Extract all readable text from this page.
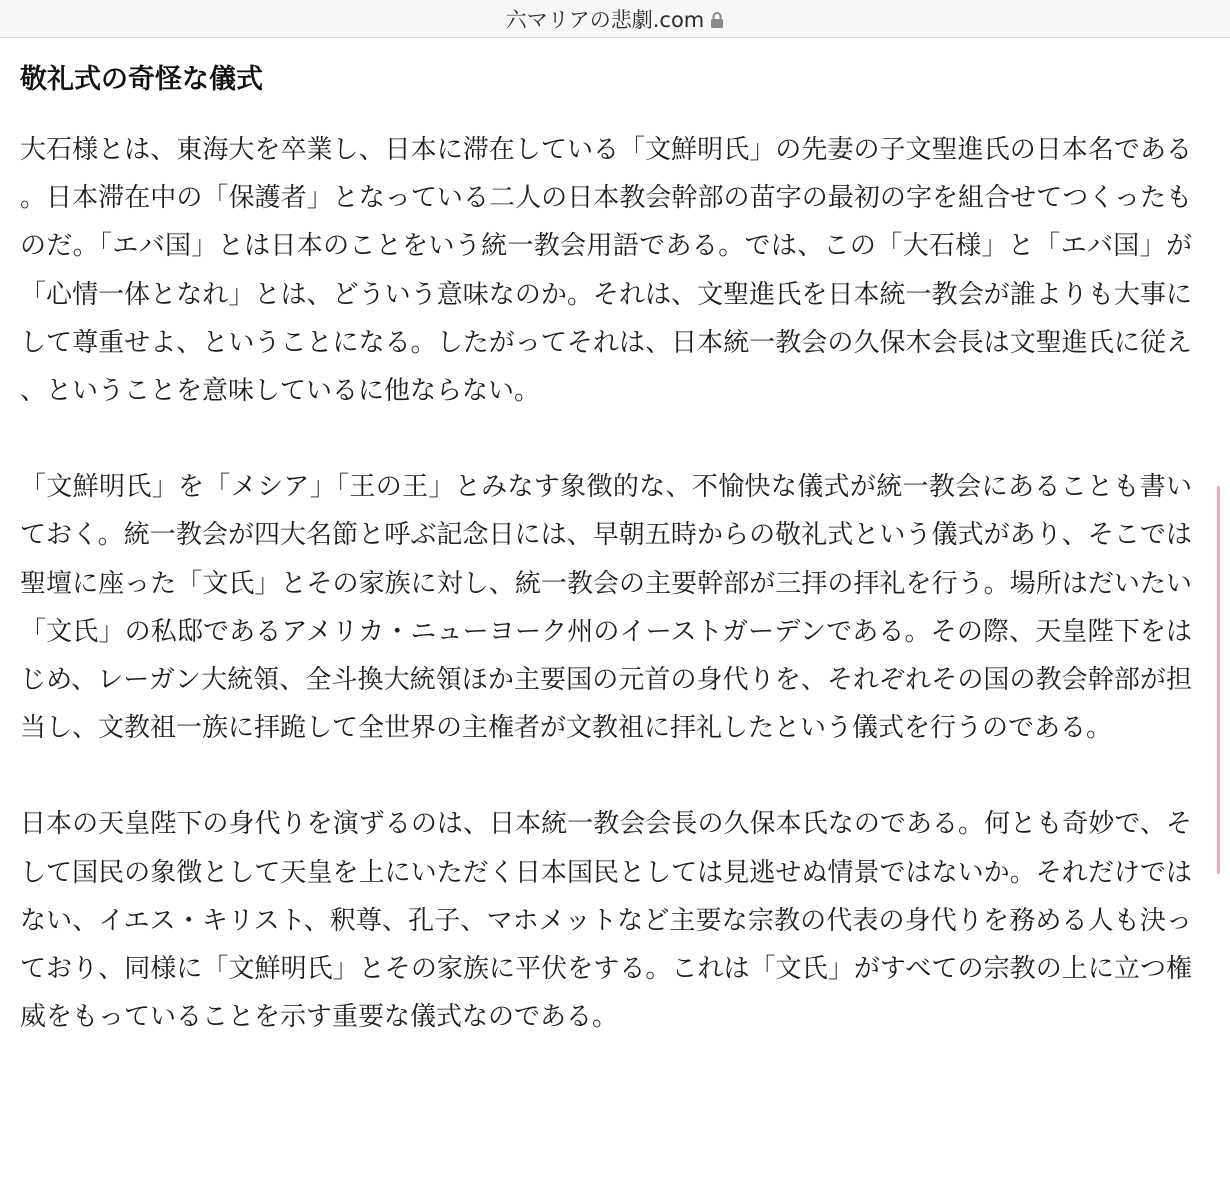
六マリアの悲劇.com
敬礼式の奇怪な儀式

大石様とは、東海大を卒業し、日本に滞在している「文鮮明氏」の先妻の子文聖進氏の日本名である。日本滞在中の「保護者」となっている二人の日本教会幹部の苗字の最初の字を組合せてつくったものだ。「エバ国」とは日本のことをいう統一教会用語である。では、この「大石様」と「エバ国」が「心情一体となれ」とは、どういう意味なのか。それは、文聖進氏を日本統一教会が誰よりも大事にして尊重せよ、ということになる。したがってそれは、日本統一教会の久保木会長は文聖進氏に従え、ということを意味しているに他ならない。

「文鮮明氏」を「メシア」「王の王」とみなす象徴的な、不愉快な儀式が統一教会にあることも書いておく。統一教会が四大名節と呼ぶ記念日には、早朝五時からの敬礼式という儀式があり、そこでは聖壇に座った「文氏」とその家族に対し、統一教会の主要幹部が三拝の拝礼を行う。場所はだいたい「文氏」の私邸であるアメリカ・ニューヨーク州のイーストガーデンである。その際、天皇陛下をはじめ、レーガン大統領、全斗換大統領ほか主要国の元首の身代りを、それぞれその国の教会幹部が担当し、文教祖一族に拝跪して全世界の主権者が文教祖に拝礼したという儀式を行うのである。

日本の天皇陛下の身代りを演ずるのは、日本統一教会会長の久保本氏なのである。何とも奇妙で、そして国民の象徴として天皇を上にいただく日本国民としては見逃せぬ情景ではないか。それだけではない、イエス・キリスト、釈尊、孔子、マホメットなど主要な宗教の代表の身代りを務める人も決っており、同様に「文鮮明氏」とその家族に平伏をする。これは「文氏」がすべての宗教の上に立つ権威をもっていることを示す重要な儀式なのである。
